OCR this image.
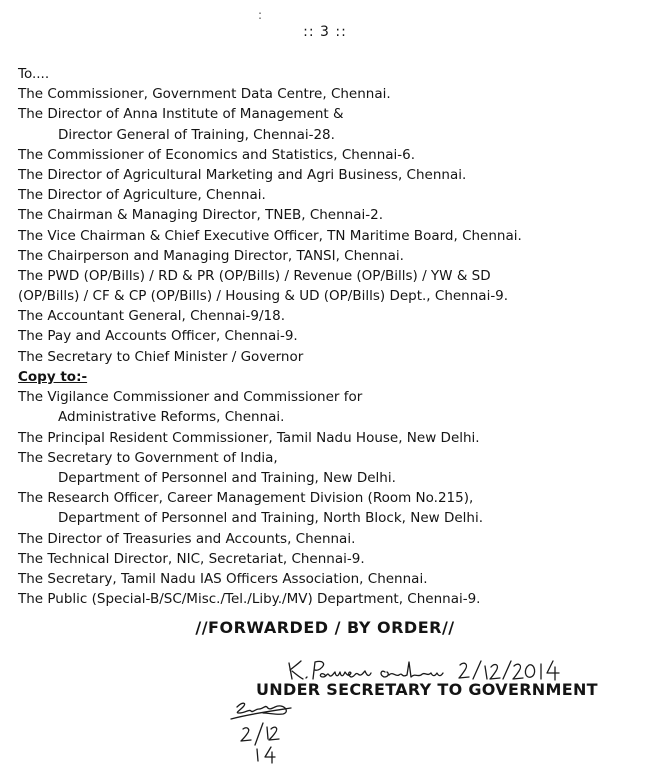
:
:: 3 ::
To....
The Commissioner, Government Data Centre, Chennai.
The Director of Anna Institute of Management &
Director General of Training, Chennai-28.
The Commissioner of Economics and Statistics, Chennai-6.
The Director of Agricultural Marketing and Agri Business, Chennai.
The Director of Agriculture, Chennai.
The Chairman & Managing Director, TNEB, Chennai-2.
The Vice Chairman & Chief Executive Officer, TN Maritime Board, Chennai.
The Chairperson and Managing Director, TANSI, Chennai.
The PWD (OP/Bills) / RD & PR (OP/Bills) / Revenue (OP/Bills) / YW & SD
(OP/Bills) / CF & CP (OP/Bills) / Housing & UD (OP/Bills) Dept., Chennai-9.
The Accountant General, Chennai-9/18.
The Pay and Accounts Officer, Chennai-9.
The Secretary to Chief Minister / Governor
Copy to:-
The Vigilance Commissioner and Commissioner for
Administrative Reforms, Chennai.
The Principal Resident Commissioner, Tamil Nadu House, New Delhi.
The Secretary to Government of India,
Department of Personnel and Training, New Delhi.
The Research Officer, Career Management Division (Room No.215),
Department of Personnel and Training, North Block, New Delhi.
The Director of Treasuries and Accounts, Chennai.
The Technical Director, NIC, Secretariat, Chennai-9.
The Secretary, Tamil Nadu IAS Officers Association, Chennai.
The Public (Special-B/SC/Misc./Tel./Liby./MV) Department, Chennai-9.
//FORWARDED / BY ORDER//
UNDER SECRETARY TO GOVERNMENT
